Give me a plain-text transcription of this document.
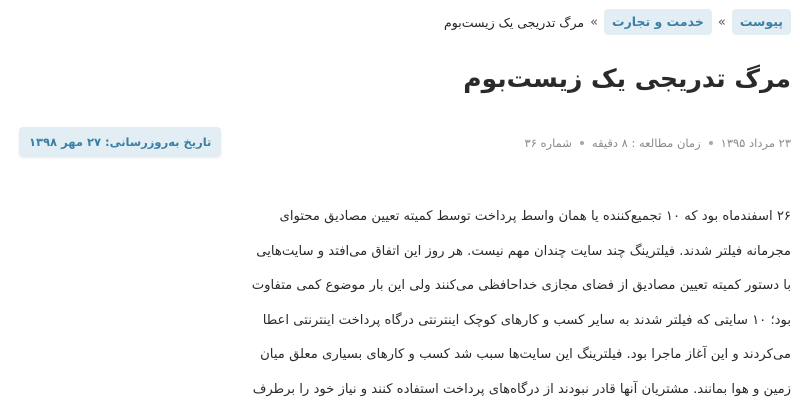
پیوست
»
خدمت و تجارت
»
مرگ تدریجی یک زیست‌بوم
مرگ تدریجی یک زیست‌بوم
۲۳ مرداد ۱۳۹۵
زمان مطالعه : ۸ دقیقه
شماره ۳۶
تاریخ به‌روزرسانی:۲۷ مهر ۱۳۹۸
۲۶ اسفندماه بود که ۱۰ تجمیع‌کننده یا همان واسط پرداخت توسط کمیته تعیین مصادیق محتوای
مجرمانه فیلتر شدند. فیلترینگ چند سایت چندان مهم نیست. هر روز این اتفاق می‌افتد و سایت‌هایی
با دستور کمیته تعیین مصادیق از فضای مجازی خداحافظی می‌کنند ولی این بار موضوع کمی متفاوت
بود؛ ۱۰ سایتی که فیلتر شدند به سایر کسب و کارهای کوچک اینترنتی درگاه پرداخت اینترنتی اعطا
می‌کردند و این آغاز ماجرا بود. فیلترینگ این سایت‌ها سبب شد کسب و کارهای بسیاری معلق میان
زمین و هوا بمانند. مشتریان آنها قادر نبودند از درگاه‌های پرداخت استفاده کنند و نیاز خود را برطرف
